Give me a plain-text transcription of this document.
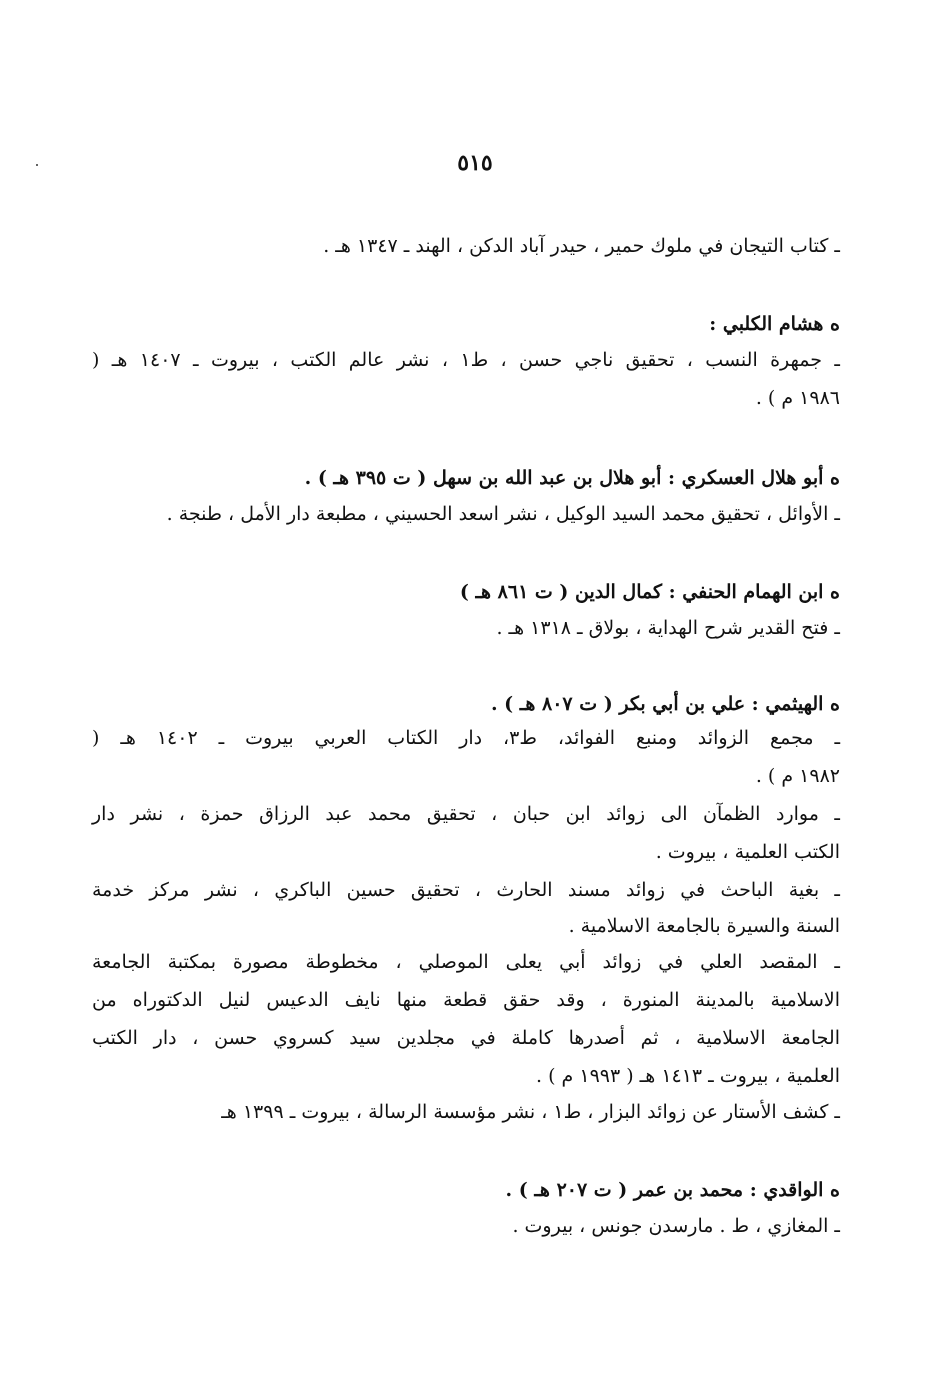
٥١٥
ـ كتاب التيجان في ملوك حمير ، حيدر آباد الدكن ، الهند ـ ١٣٤٧ هـ .
ه هشام الكلبي :
ـ جمهرة النسب ، تحقيق ناجي حسن ، ط١ ، نشر عالم الكتب ، بيروت ـ ١٤٠٧ هـ (
١٩٨٦ م ) .
ه أبو هلال العسكري : أبو هلال بن عبد الله بن سهل ( ت ٣٩٥ هـ ) .
ـ الأوائل ، تحقيق محمد السيد الوكيل ، نشر اسعد الحسيني ، مطبعة دار الأمل ، طنجة .
ه ابن الهمام الحنفي : كمال الدين ( ت ٨٦١ هـ )
ـ فتح القدير شرح الهداية ، بولاق ـ ١٣١٨ هـ .
ه الهيثمي : علي بن أبي بكر ( ت ٨٠٧ هـ ) .
ـ مجمع الزوائد ومنبع الفوائد، ط٣، دار الكتاب العربي بيروت ـ ١٤٠٢ هـ (
١٩٨٢ م ) .
ـ موارد الظمآن الى زوائد ابن حبان ، تحقيق محمد عبد الرزاق حمزة ، نشر دار
الكتب العلمية ، بيروت .
ـ بغية الباحث في زوائد مسند الحارث ، تحقيق حسين الباكري ، نشر مركز خدمة
السنة والسيرة بالجامعة الاسلامية .
ـ المقصد العلي في زوائد أبي يعلى الموصلي ، مخطوطة مصورة بمكتبة الجامعة
الاسلامية بالمدينة المنورة ، وقد حقق قطعة منها نايف الدعيس لنيل الدكتوراه من
الجامعة الاسلامية ، ثم أصدرها كاملة في مجلدين سيد كسروي حسن ، دار الكتب
العلمية ، بيروت ـ ١٤١٣ هـ ( ١٩٩٣ م ) .
ـ كشف الأستار عن زوائد البزار ، ط١ ، نشر مؤسسة الرسالة ، بيروت ـ ١٣٩٩ هـ
ه الواقدي : محمد بن عمر ( ت ٢٠٧ هـ ) .
ـ المغازي ، ط . مارسدن جونس ، بيروت .
